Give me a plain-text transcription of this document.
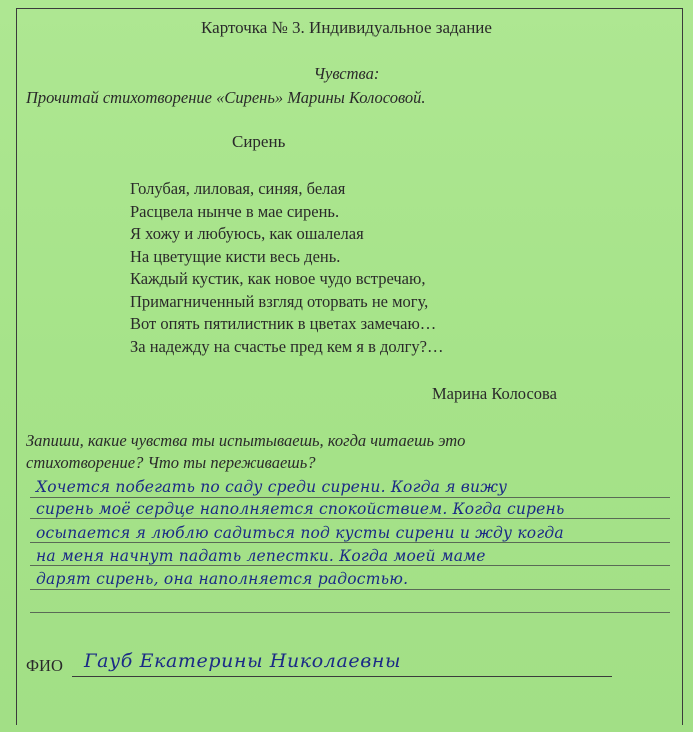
Карточка № 3. Индивидуальное задание
Чувства:
Прочитай стихотворение «Сирень» Марины Колосовой.
Сирень
Голубая, лиловая, синяя, белая
Расцвела нынче в мае сирень.
Я хожу и любуюсь, как ошалелая
На цветущие кисти весь день.
Каждый кустик, как новое чудо встречаю,
Примагниченный взгляд оторвать не могу,
Вот опять пятилистник в цветах замечаю…
За надежду на счастье пред кем я в долгу?…
Марина Колосова
Запиши, какие чувства ты испытываешь, когда читаешь это стихотворение? Что ты переживаешь?
Хочется побегать по саду среди сирени. Когда я вижу
сирень моё сердце наполняется спокойствием. Когда сирень
осыпается я люблю садиться под кусты сирени и жду когда
на меня начнут падать лепестки. Когда моей маме
дарят сирень, она наполняется радостью.
ФИО Гауб Екатерины Николаевны
